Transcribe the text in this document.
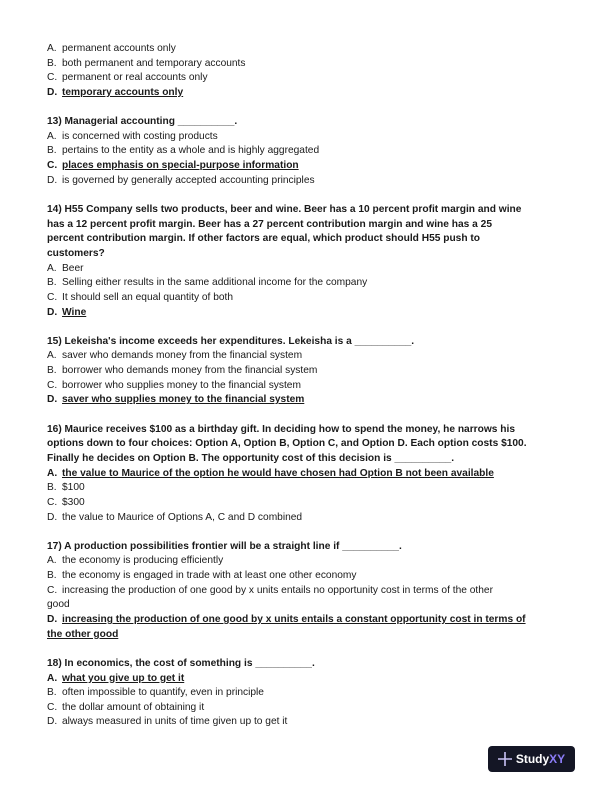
A. permanent accounts only
B. both permanent and temporary accounts
C. permanent or real accounts only
D. temporary accounts only
13) Managerial accounting __________.
A. is concerned with costing products
B. pertains to the entity as a whole and is highly aggregated
C. places emphasis on special-purpose information
D. is governed by generally accepted accounting principles
14) H55 Company sells two products, beer and wine. Beer has a 10 percent profit margin and wine
has a 12 percent profit margin. Beer has a 27 percent contribution margin and wine has a 25
percent contribution margin. If other factors are equal, which product should H55 push to
customers?
A. Beer
B. Selling either results in the same additional income for the company
C. It should sell an equal quantity of both
D. Wine
15) Lekeisha's income exceeds her expenditures. Lekeisha is a __________.
A. saver who demands money from the financial system
B. borrower who demands money from the financial system
C. borrower who supplies money to the financial system
D. saver who supplies money to the financial system
16) Maurice receives $100 as a birthday gift. In deciding how to spend the money, he narrows his
options down to four choices: Option A, Option B, Option C, and Option D. Each option costs $100.
Finally he decides on Option B. The opportunity cost of this decision is __________.
A. the value to Maurice of the option he would have chosen had Option B not been available
B. $100
C. $300
D. the value to Maurice of Options A, C and D combined
17) A production possibilities frontier will be a straight line if __________.
A. the economy is producing efficiently
B. the economy is engaged in trade with at least one other economy
C. increasing the production of one good by x units entails no opportunity cost in terms of the other
good
D. increasing the production of one good by x units entails a constant opportunity cost in terms of
the other good
18) In economics, the cost of something is __________.
A. what you give up to get it
B. often impossible to quantify, even in principle
C. the dollar amount of obtaining it
D. always measured in units of time given up to get it
StudyXY
